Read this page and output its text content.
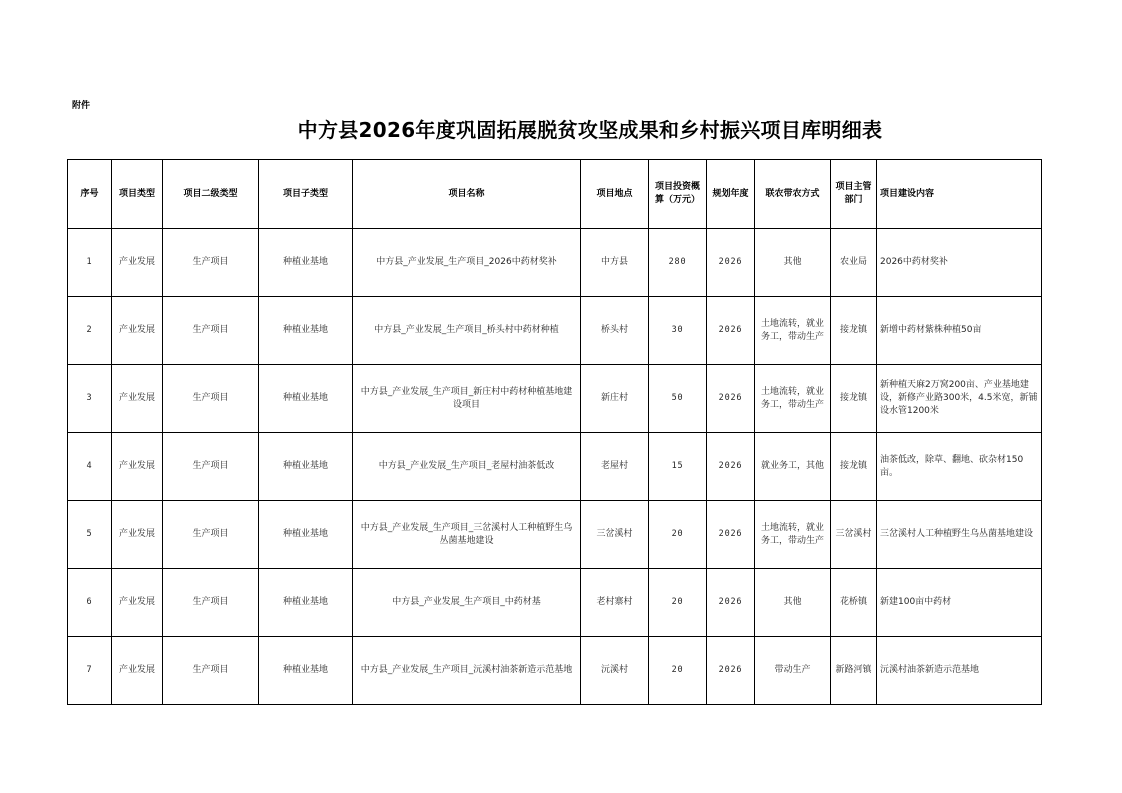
附件
中方县2026年度巩固拓展脱贫攻坚成果和乡村振兴项目库明细表
序号	项目类型	项目二级类型	项目子类型	项目名称	项目地点	项目投资概算（万元）	规划年度	联农带农方式	项目主管部门	项目建设内容
1	产业发展	生产项目	种植业基地	中方县_产业发展_生产项目_2026中药材奖补	中方县	280	2026	其他	农业局	2026中药材奖补
2	产业发展	生产项目	种植业基地	中方县_产业发展_生产项目_桥头村中药材种植	桥头村	30	2026	土地流转，就业务工，带动生产	接龙镇	新增中药材紫株种植50亩
3	产业发展	生产项目	种植业基地	中方县_产业发展_生产项目_新庄村中药材种植基地建设项目	新庄村	50	2026	土地流转，就业务工，带动生产	接龙镇	新种植天麻2万窝200亩、产业基地建设，新修产业路300米，4.5米宽，新铺设水管1200米
4	产业发展	生产项目	种植业基地	中方县_产业发展_生产项目_老屋村油茶低改	老屋村	15	2026	就业务工，其他	接龙镇	油茶低改，除草、翻地、砍杂材150亩。
5	产业发展	生产项目	种植业基地	中方县_产业发展_生产项目_三岔溪村人工种植野生乌丛菌基地建设	三岔溪村	20	2026	土地流转，就业务工，带动生产	三岔溪村	三岔溪村人工种植野生乌丛菌基地建设
6	产业发展	生产项目	种植业基地	中方县_产业发展_生产项目_中药材基	老村寨村	20	2026	其他	花桥镇	新建100亩中药材
7	产业发展	生产项目	种植业基地	中方县_产业发展_生产项目_沅溪村油茶新造示范基地	沅溪村	20	2026	带动生产	新路河镇	沅溪村油茶新造示范基地
